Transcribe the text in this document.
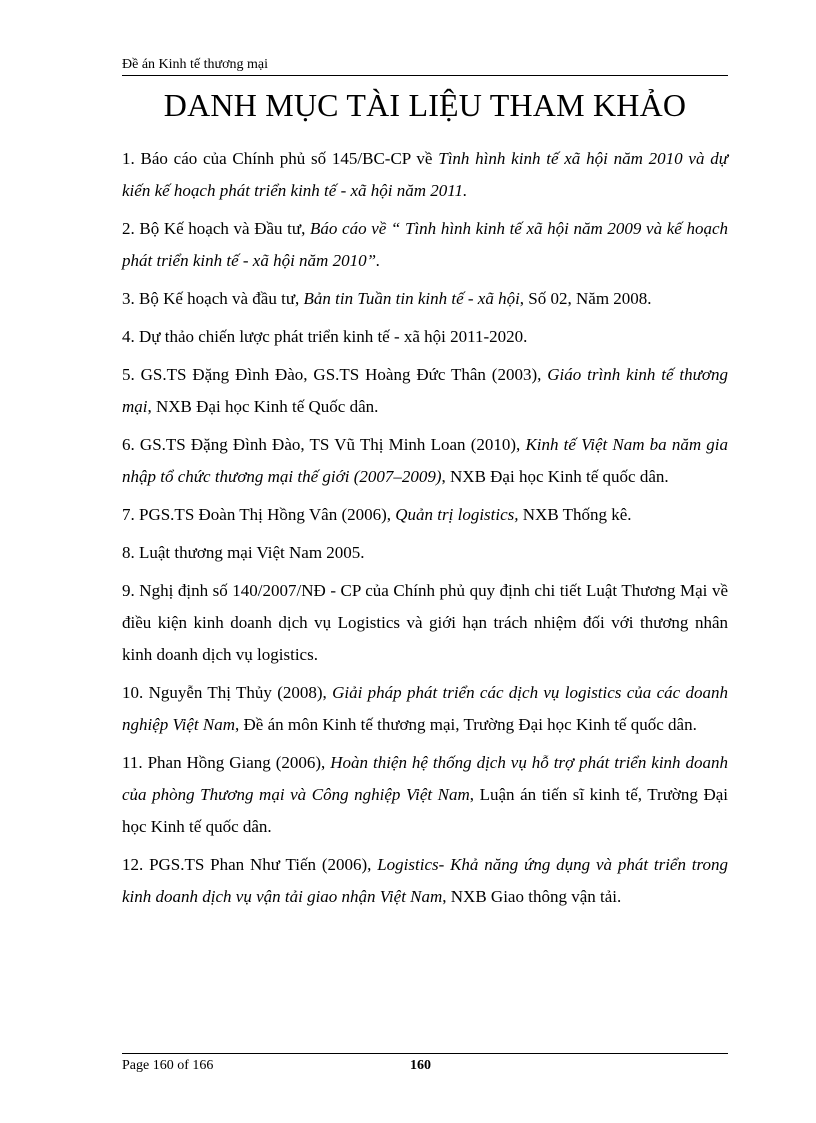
Đề án Kinh tế thương mại
DANH MỤC TÀI LIỆU THAM KHẢO

1. Báo cáo của Chính phủ số 145/BC-CP về Tình hình kinh tế xã hội năm 2010 và dự kiến kế hoạch phát triển kinh tế - xã hội năm 2011.

2. Bộ Kế hoạch và Đầu tư, Báo cáo về “ Tình hình kinh tế xã hội năm 2009 và kế hoạch phát triển kinh tế - xã hội năm 2010”.

3. Bộ Kế hoạch và đầu tư, Bản tin Tuần tin kinh tế - xã hội, Số 02, Năm 2008.

4. Dự thảo chiến lược phát triển kinh tế - xã hội 2011-2020.

5. GS.TS Đặng Đình Đào, GS.TS Hoàng Đức Thân (2003), Giáo trình kinh tế thương mại, NXB Đại học Kinh tế Quốc dân.

6. GS.TS Đặng Đình Đào, TS Vũ Thị Minh Loan (2010), Kinh tế Việt Nam ba năm gia nhập tổ chức thương mại thế giới (2007–2009), NXB Đại học Kinh tế quốc dân.

7. PGS.TS Đoàn Thị Hồng Vân (2006), Quản trị logistics, NXB Thống kê.

8. Luật thương mại Việt Nam 2005.

9. Nghị định số 140/2007/NĐ - CP của Chính phủ quy định chi tiết Luật Thương Mại về điều kiện kinh doanh dịch vụ Logistics và giới hạn trách nhiệm đối với thương nhân kinh doanh dịch vụ logistics.

10. Nguyễn Thị Thủy (2008), Giải pháp phát triển các dịch vụ logistics của các doanh nghiệp Việt Nam, Đề án môn Kinh tế thương mại, Trường Đại học Kinh tế quốc dân.

11. Phan Hồng Giang (2006), Hoàn thiện hệ thống dịch vụ hỗ trợ phát triển kinh doanh của phòng Thương mại và Công nghiệp Việt Nam, Luận án tiến sĩ kinh tế, Trường Đại học Kinh tế quốc dân.

12. PGS.TS Phan Như Tiến (2006), Logistics- Khả năng ứng dụng và phát triển trong kinh doanh dịch vụ vận tải giao nhận Việt Nam, NXB Giao thông vận tải.

Page 160 of 166	160
